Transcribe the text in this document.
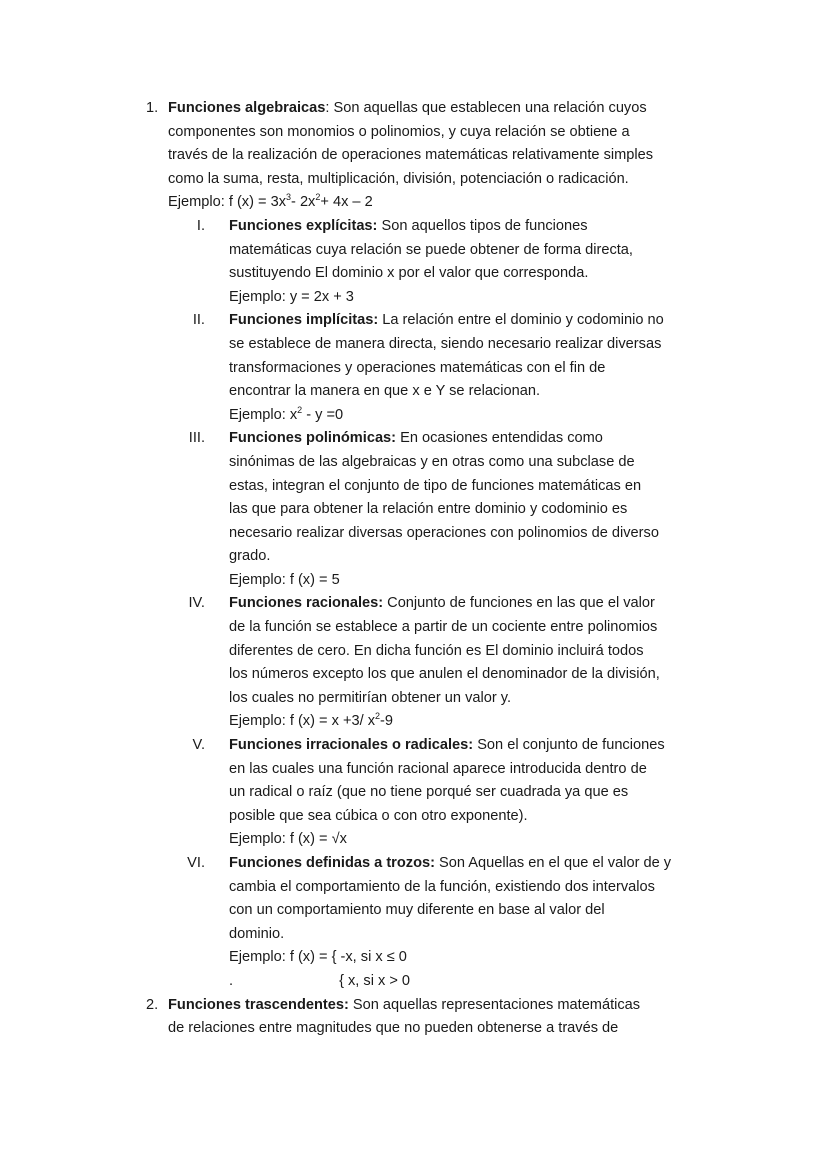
1. Funciones algebraicas: Son aquellas que establecen una relación cuyos
componentes son monomios o polinomios, y cuya relación se obtiene a
través de la realización de operaciones matemáticas relativamente simples
como la suma, resta, multiplicación, división, potenciación o radicación.
Ejemplo: f $(x) = 3x^3-$ $2x^2+ 4x - 2$
I. Funciones explícitas: Son aquellos tipos de funciones
matemáticas cuya relación se puede obtener de forma directa,
sustituyendo El dominio x por el valor que corresponda.
Ejemplo: y = 2x + 3
II. Funciones implícitas: La relación entre el dominio y codominio no
se establece de manera directa, siendo necesario realizar diversas
transformaciones y operaciones matemáticas con el fin de
encontrar la manera en que x e Y se relacionan.
Ejemplo: $x^2 - y =0$
III. Funciones polinómicas: En ocasiones entendidas como
sinónimas de las algebraicas y en otras como una subclase de
estas, integran el conjunto de tipo de funciones matemáticas en
las que para obtener la relación entre dominio y codominio es
necesario realizar diversas operaciones con polinomios de diverso
grado.
Ejemplo: f (x) = 5
IV. Funciones racionales: Conjunto de funciones en las que el valor
de la función se establece a partir de un cociente entre polinomios
diferentes de cero. En dicha función es El dominio incluirá todos
los números excepto los que anulen el denominador de la división,
los cuales no permitirían obtener un valor y.
Ejemplo: f (x) = x +3/ $x^2-9$
V. Funciones irracionales o radicales: Son el conjunto de funciones
en las cuales una función racional aparece introducida dentro de
un radical o raíz (que no tiene porqué ser cuadrada ya que es
posible que sea cúbica o con otro exponente).
Ejemplo: f (x) = √x
VI. Funciones definidas a trozos: Son Aquellas en el que el valor de y
cambia el comportamiento de la función, existiendo dos intervalos
con un comportamiento muy diferente en base al valor del
dominio.
Ejemplo: f (x) = { -x, si x ≤ 0
.	{ x, si x > 0
2. Funciones trascendentes: Son aquellas representaciones matemáticas
de relaciones entre magnitudes que no pueden obtenerse a través de
